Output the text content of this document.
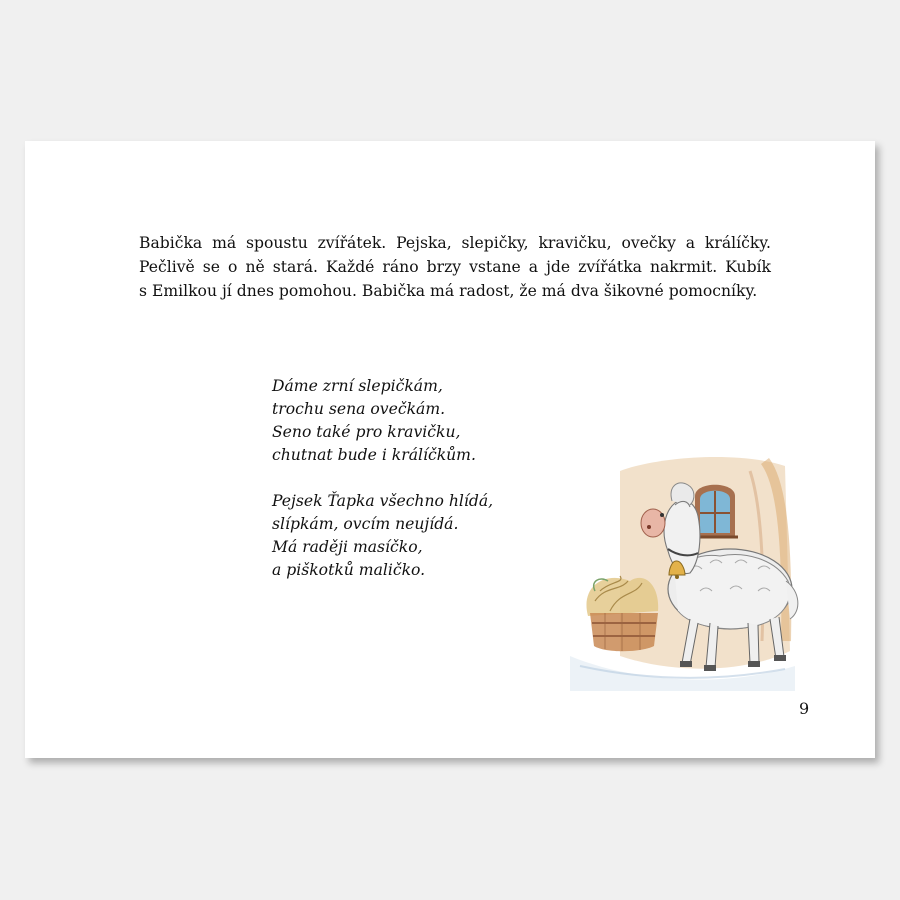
Babička má spoustu zvířátek. Pejska, slepičky, kravičku, ovečky a králíčky.
Pečlivě se o ně stará. Každé ráno brzy vstane a jde zvířátka nakrmit. Kubík
s Emilkou jí dnes pomohou. Babička má radost, že má dva šikovné pomocníky.

Dáme zrní slepičkám,
trochu sena ovečkám.
Seno také pro kravičku,
chutnat bude i králíčkům.
Pejsek Ťapka všechno hlídá,
slípkám, ovcím neujídá.
Má raději masíčko,
a piškotků maličko.
9
